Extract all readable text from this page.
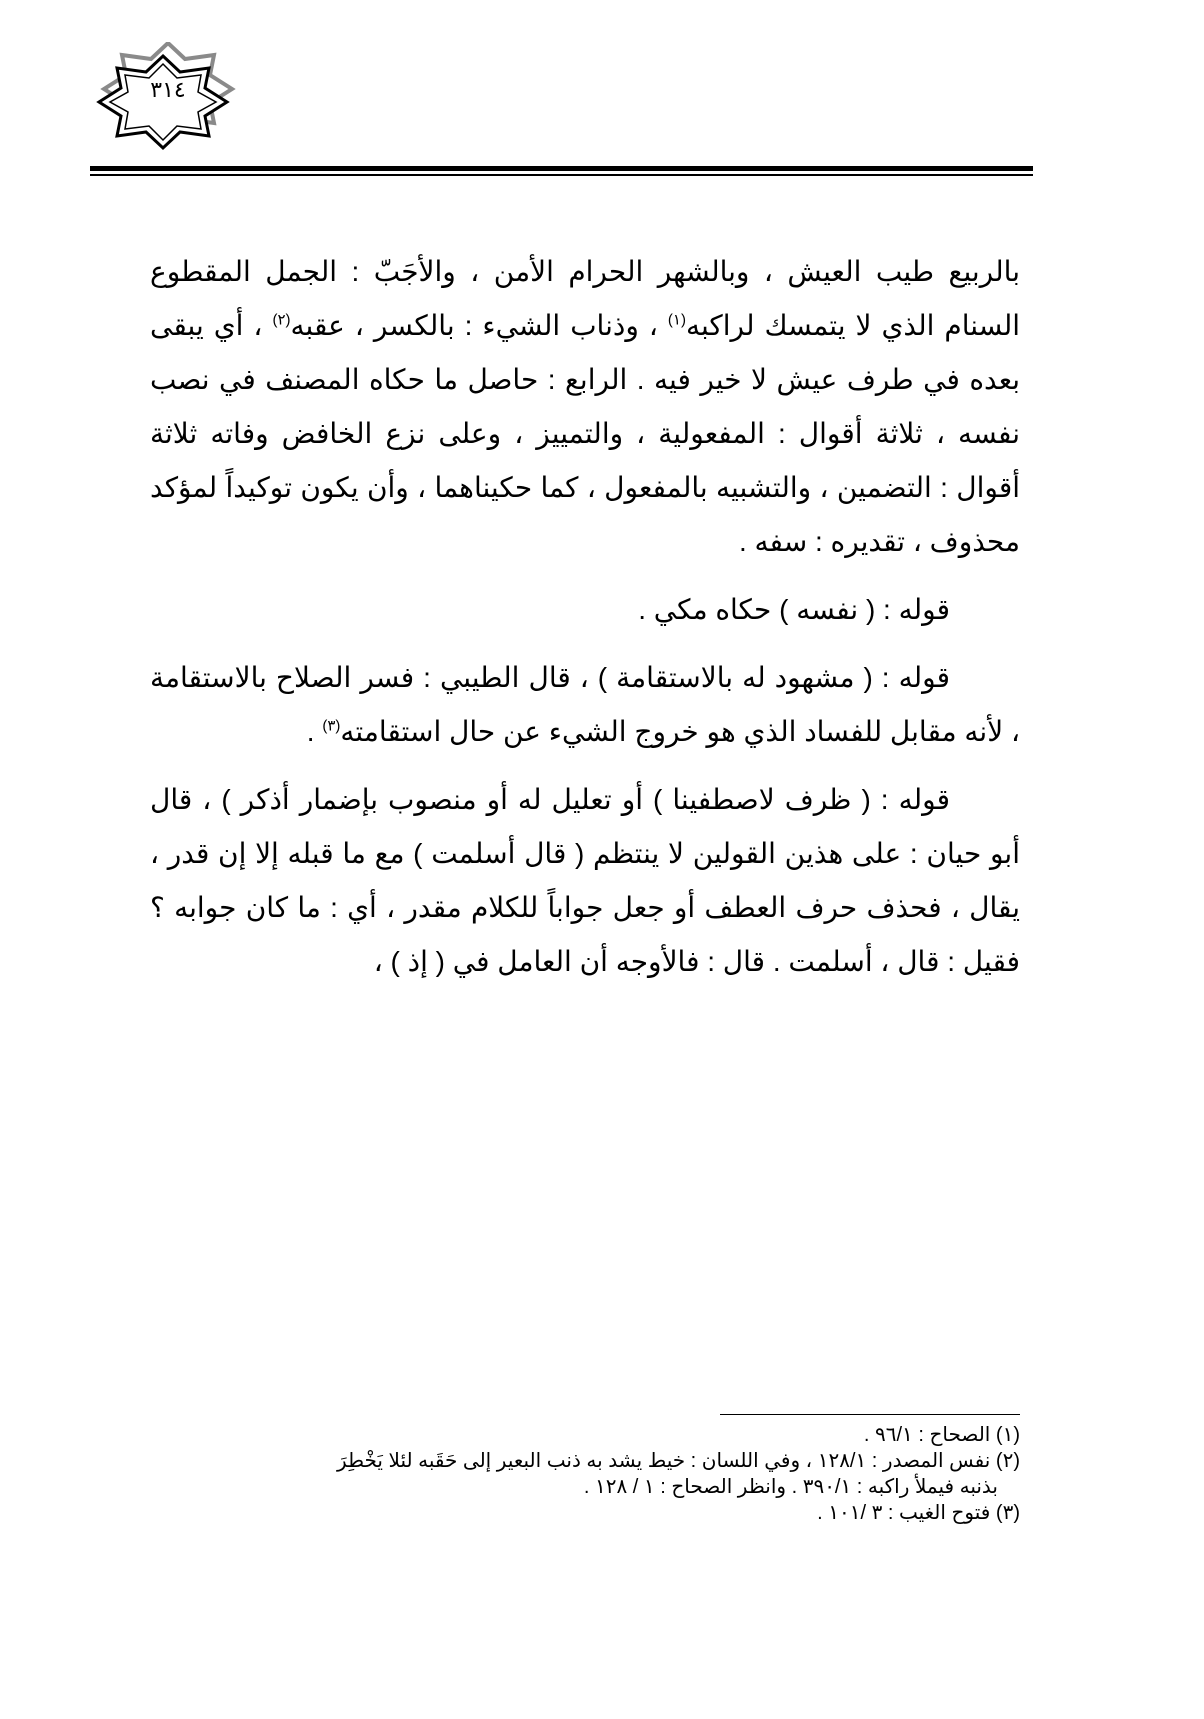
٣١٤

بالربيع طيب العيش ، وبالشهر الحرام الأمن ، والأجَبّ : الجمل المقطوع السنام الذي لا يتمسك لراكبه$^{(١)}$ ، وذناب الشيء : بالكسر ، عقبه$^{(٢)}$ ، أي يبقى بعده في طرف عيش لا خير فيه . الرابع : حاصل ما حكاه المصنف في نصب نفسه ، ثلاثة أقوال : المفعولية ، والتمييز ، وعلى نزع الخافض وفاته ثلاثة أقوال : التضمين ، والتشبيه بالمفعول ، كما حكيناهما ، وأن يكون توكيداً لمؤكد محذوف ، تقديره : سفه .

قوله : ( نفسه ) حكاه مكي .

قوله : ( مشهود له بالاستقامة ) ، قال الطيبي : فسر الصلاح بالاستقامة ، لأنه مقابل للفساد الذي هو خروج الشيء عن حال استقامته$^{(٣)}$ .

قوله : ( ظرف لاصطفينا ) أو تعليل له أو منصوب بإضمار أذكر ) ، قال أبو حيان : على هذين القولين لا ينتظم ( قال أسلمت ) مع ما قبله إلا إن قدر ، يقال ، فحذف حرف العطف أو جعل جواباً للكلام مقدر ، أي : ما كان جوابه ؟ فقيل : قال ، أسلمت . قال : فالأوجه أن العامل في ( إذ ) ،

(١) الصحاح : ٩٦/١ .
(٢) نفس المصدر : ١٢٨/١ ، وفي اللسان : خيط يشد به ذنب البعير إلى حَقَبه لئلا يَخْطِرَ
بذنبه فيملأ راكبه : ٣٩٠/١ . وانظر الصحاح : ١ / ١٢٨ .
(٣) فتوح الغيب : ٣ /١٠١ .
